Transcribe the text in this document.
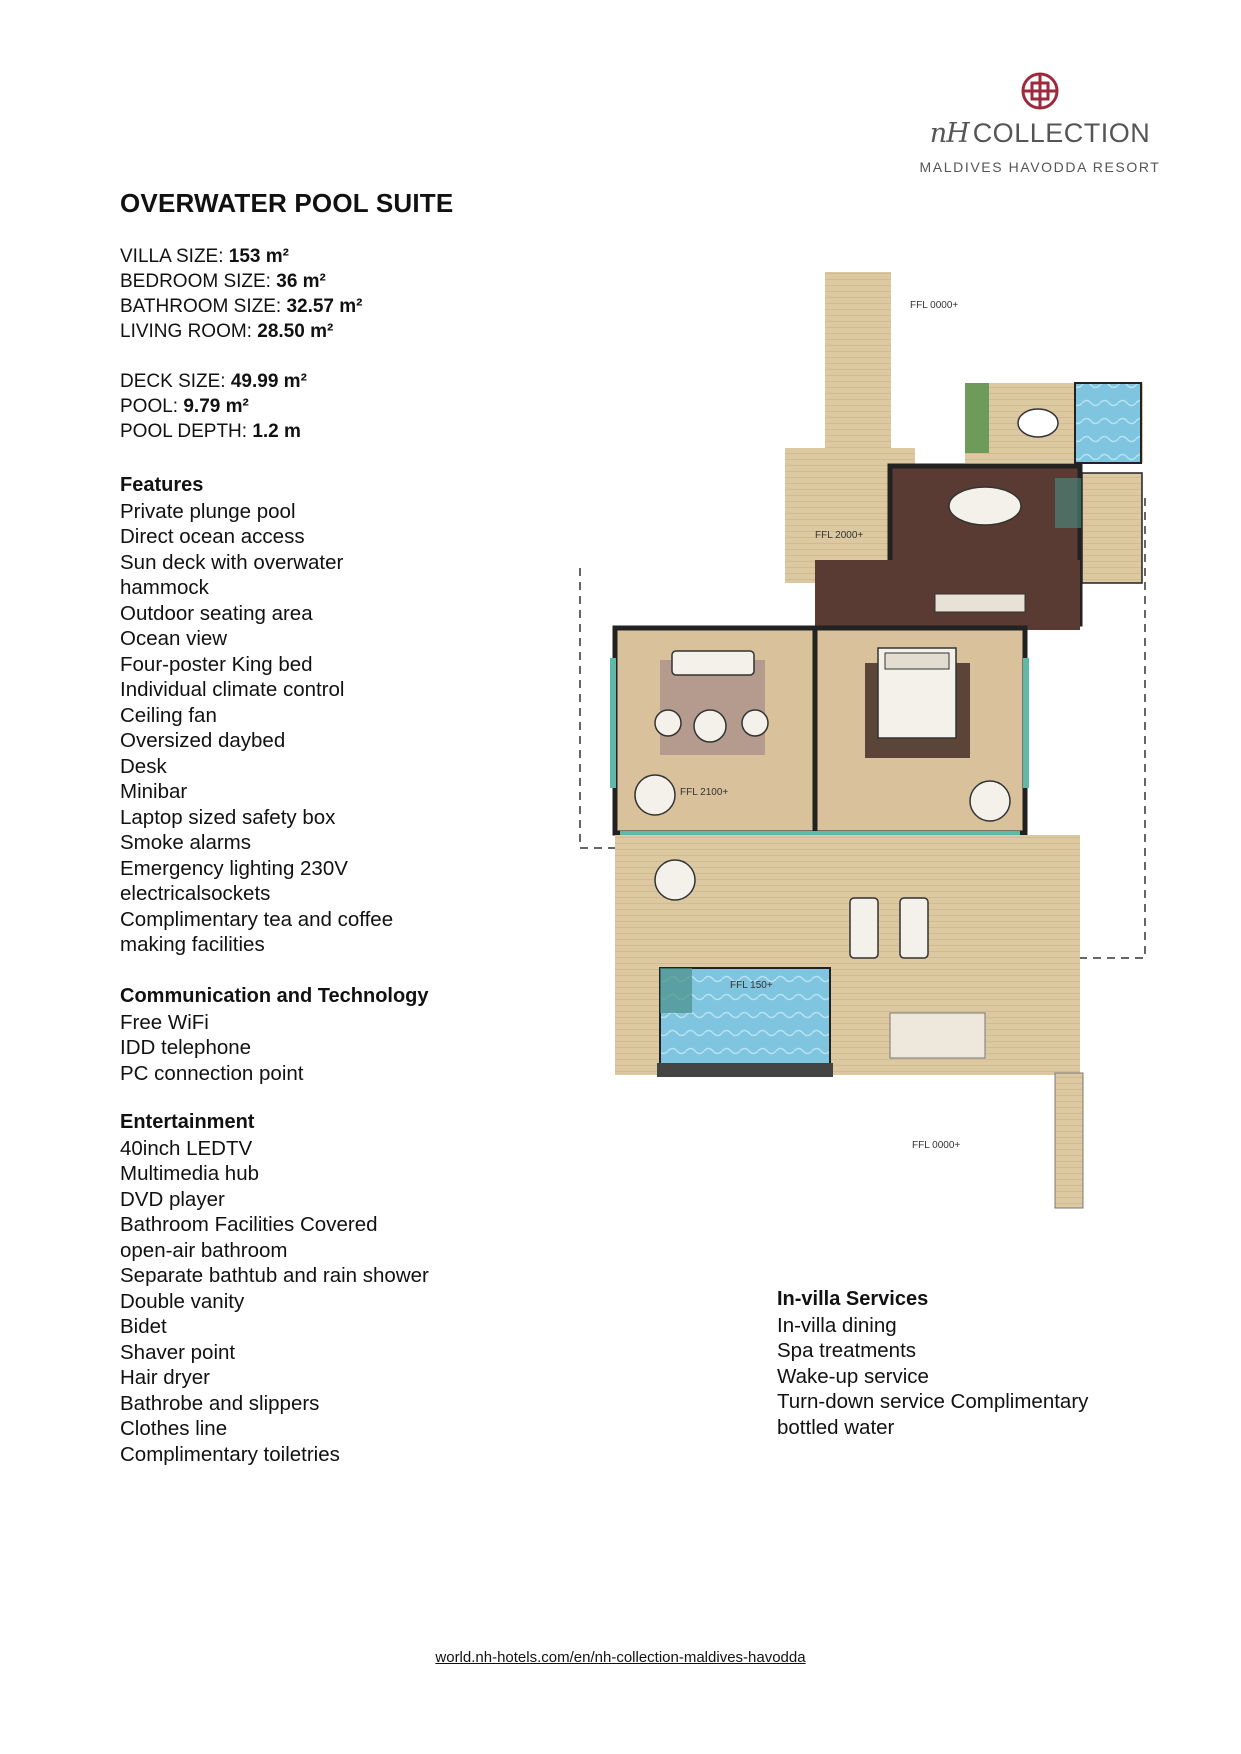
nH COLLECTION
MALDIVES HAVODDA RESORT
OVERWATER POOL SUITE
VILLA SIZE: 153 m²
BEDROOM SIZE: 36 m²
BATHROOM SIZE: 32.57 m²
LIVING ROOM: 28.50 m²
DECK SIZE: 49.99 m²
POOL: 9.79 m²
POOL DEPTH: 1.2 m
Features
Private plunge pool
Direct ocean access
Sun deck with overwater
hammock
Outdoor seating area
Ocean view
Four-poster King bed
Individual climate control
Ceiling fan
Oversized daybed
Desk
Minibar
Laptop sized safety box
Smoke alarms
Emergency lighting 230V
electricalsockets
Complimentary tea and coffee
making facilities
Communication and Technology
Free WiFi
IDD telephone
PC connection point
Entertainment
40inch LEDTV
Multimedia hub
DVD player
Bathroom Facilities Covered
open-air bathroom
Separate bathtub and rain shower
Double vanity
Bidet
Shaver point
Hair dryer
Bathrobe and slippers
Clothes line
Complimentary toiletries
In-villa Services
In-villa dining
Spa treatments
Wake-up service
Turn-down service Complimentary
bottled water
FFL 2100+
FFL 150+
FFL 0000+
FFL 2000+
FFL 0000+
world.nh-hotels.com/en/nh-collection-maldives-havodda
